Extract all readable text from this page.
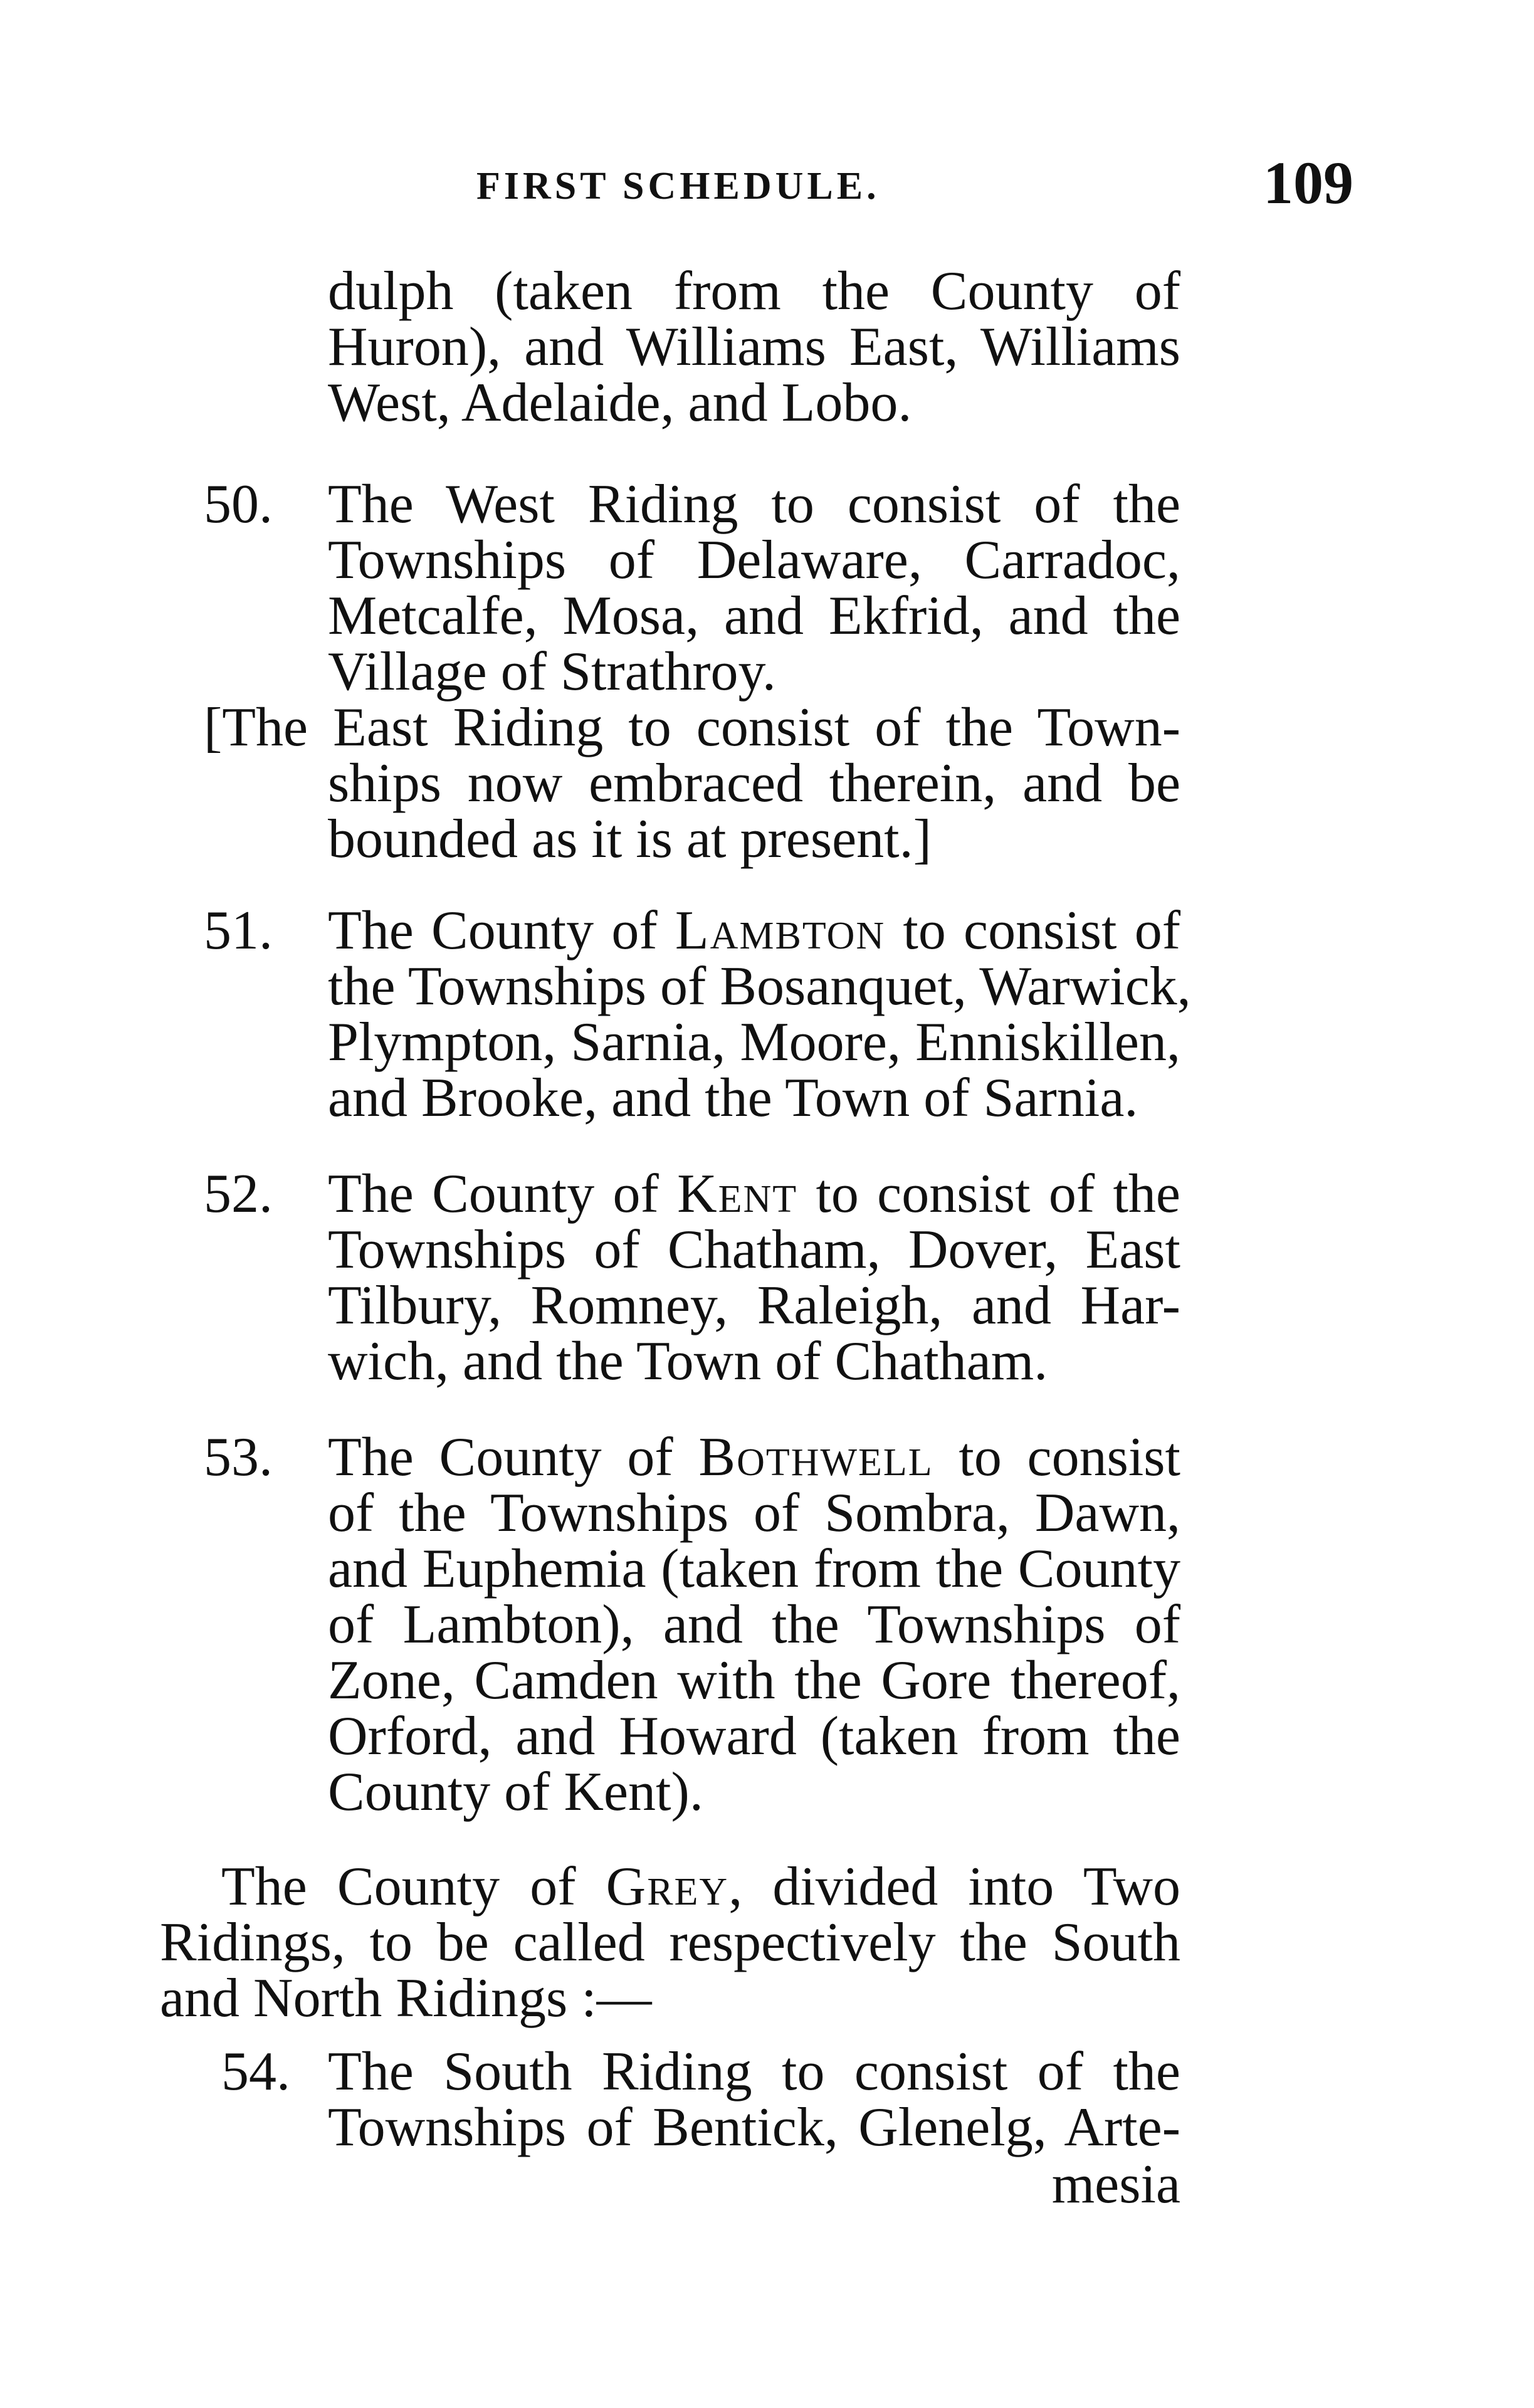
FIRST SCHEDULE.	109
dulph (taken from the County of
Huron), and Williams East, Williams
West, Adelaide, and Lobo.
50. The West Riding to consist of the
Townships of Delaware, Carradoc,
Metcalfe, Mosa, and Ekfrid, and the
Village of Strathroy.
[The East Riding to consist of the Town-
ships now embraced therein, and be
bounded as it is at present.]
51. The County of Lambton to consist of
the Townships of Bosanquet, Warwick,
Plympton, Sarnia, Moore, Enniskillen,
and Brooke, and the Town of Sarnia.
52. The County of Kent to consist of the
Townships of Chatham, Dover, East
Tilbury, Romney, Raleigh, and Har-
wich, and the Town of Chatham.
53. The County of Bothwell to consist
of the Townships of Sombra, Dawn,
and Euphemia (taken from the County
of Lambton), and the Townships of
Zone, Camden with the Gore thereof,
Orford, and Howard (taken from the
County of Kent).
The County of Grey, divided into Two
Ridings, to be called respectively the South
and North Ridings :—
54. The South Riding to consist of the
Townships of Bentick, Glenelg, Arte-
mesia
